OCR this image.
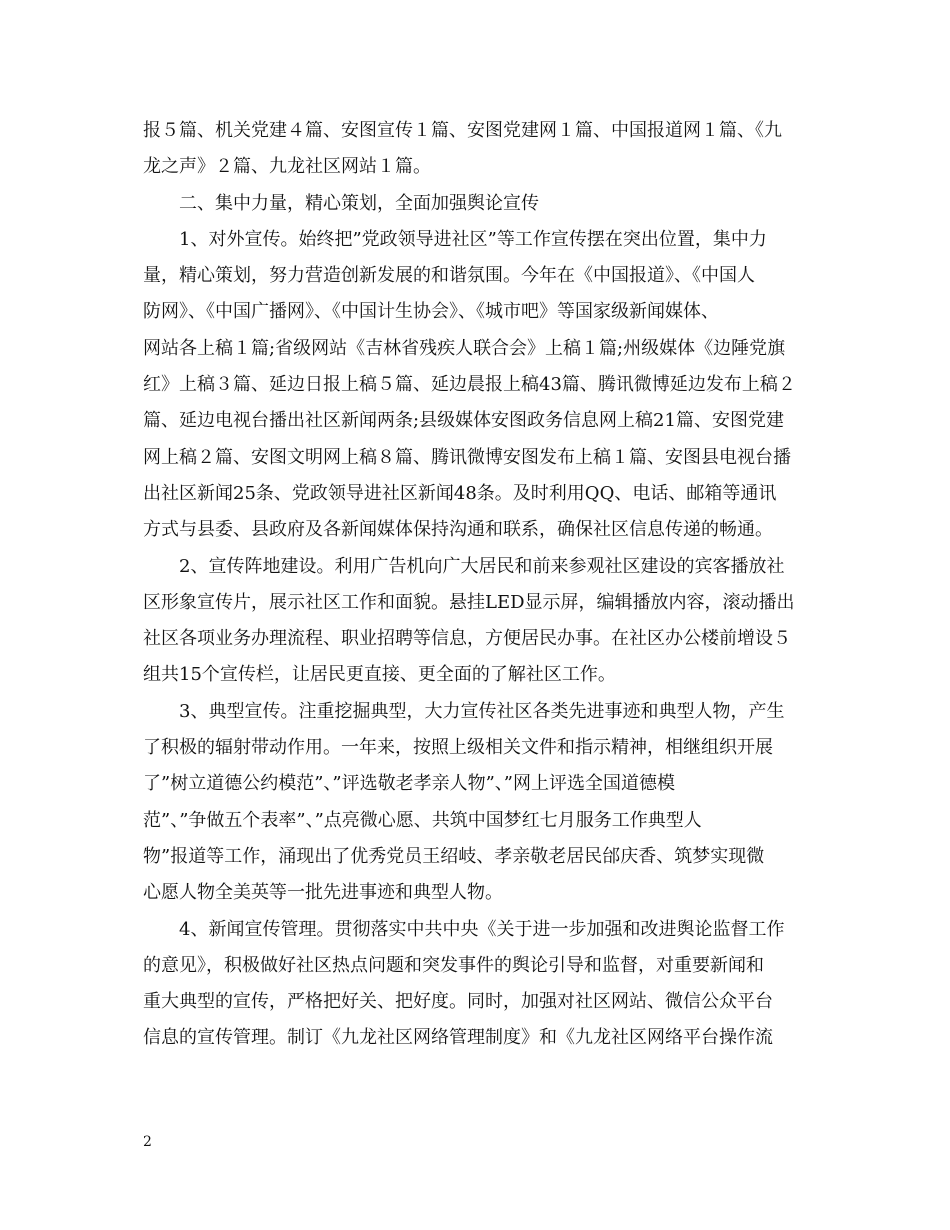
报５篇、机关党建４篇、安图宣传１篇、安图党建网１篇、中国报道网１篇、《九
龙之声》２篇、九龙社区网站１篇。
二、集中力量，精心策划，全面加强舆论宣传
1、对外宣传。始终把”党政领导进社区”等工作宣传摆在突出位置，集中力
量，精心策划，努力营造创新发展的和谐氛围。今年在《中国报道》、《中国人
防网》、《中国广播网》、《中国计生协会》、《城市吧》等国家级新闻媒体、
网站各上稿１篇;省级网站《吉林省残疾人联合会》上稿１篇;州级媒体《边陲党旗
红》上稿３篇、延边日报上稿５篇、延边晨报上稿43篇、腾讯微博延边发布上稿２
篇、延边电视台播出社区新闻两条;县级媒体安图政务信息网上稿21篇、安图党建
网上稿２篇、安图文明网上稿８篇、腾讯微博安图发布上稿１篇、安图县电视台播
出社区新闻25条、党政领导进社区新闻48条。及时利用QQ、电话、邮箱等通讯
方式与县委、县政府及各新闻媒体保持沟通和联系，确保社区信息传递的畅通。
2、宣传阵地建设。利用广告机向广大居民和前来参观社区建设的宾客播放社
区形象宣传片，展示社区工作和面貌。悬挂LED显示屏，编辑播放内容，滚动播出
社区各项业务办理流程、职业招聘等信息，方便居民办事。在社区办公楼前增设５
组共15个宣传栏，让居民更直接、更全面的了解社区工作。
3、典型宣传。注重挖掘典型，大力宣传社区各类先进事迹和典型人物，产生
了积极的辐射带动作用。一年来，按照上级相关文件和指示精神，相继组织开展
了”树立道德公约模范”、”评选敬老孝亲人物”、”网上评选全国道德模
范”、”争做五个表率”、”点亮微心愿、共筑中国梦红七月服务工作典型人
物”报道等工作，涌现出了优秀党员王绍岐、孝亲敬老居民邰庆香、筑梦实现微
心愿人物全美英等一批先进事迹和典型人物。
4、新闻宣传管理。贯彻落实中共中央《关于进一步加强和改进舆论监督工作
的意见》，积极做好社区热点问题和突发事件的舆论引导和监督，对重要新闻和
重大典型的宣传，严格把好关、把好度。同时，加强对社区网站、微信公众平台
信息的宣传管理。制订《九龙社区网络管理制度》和《九龙社区网络平台操作流
2
